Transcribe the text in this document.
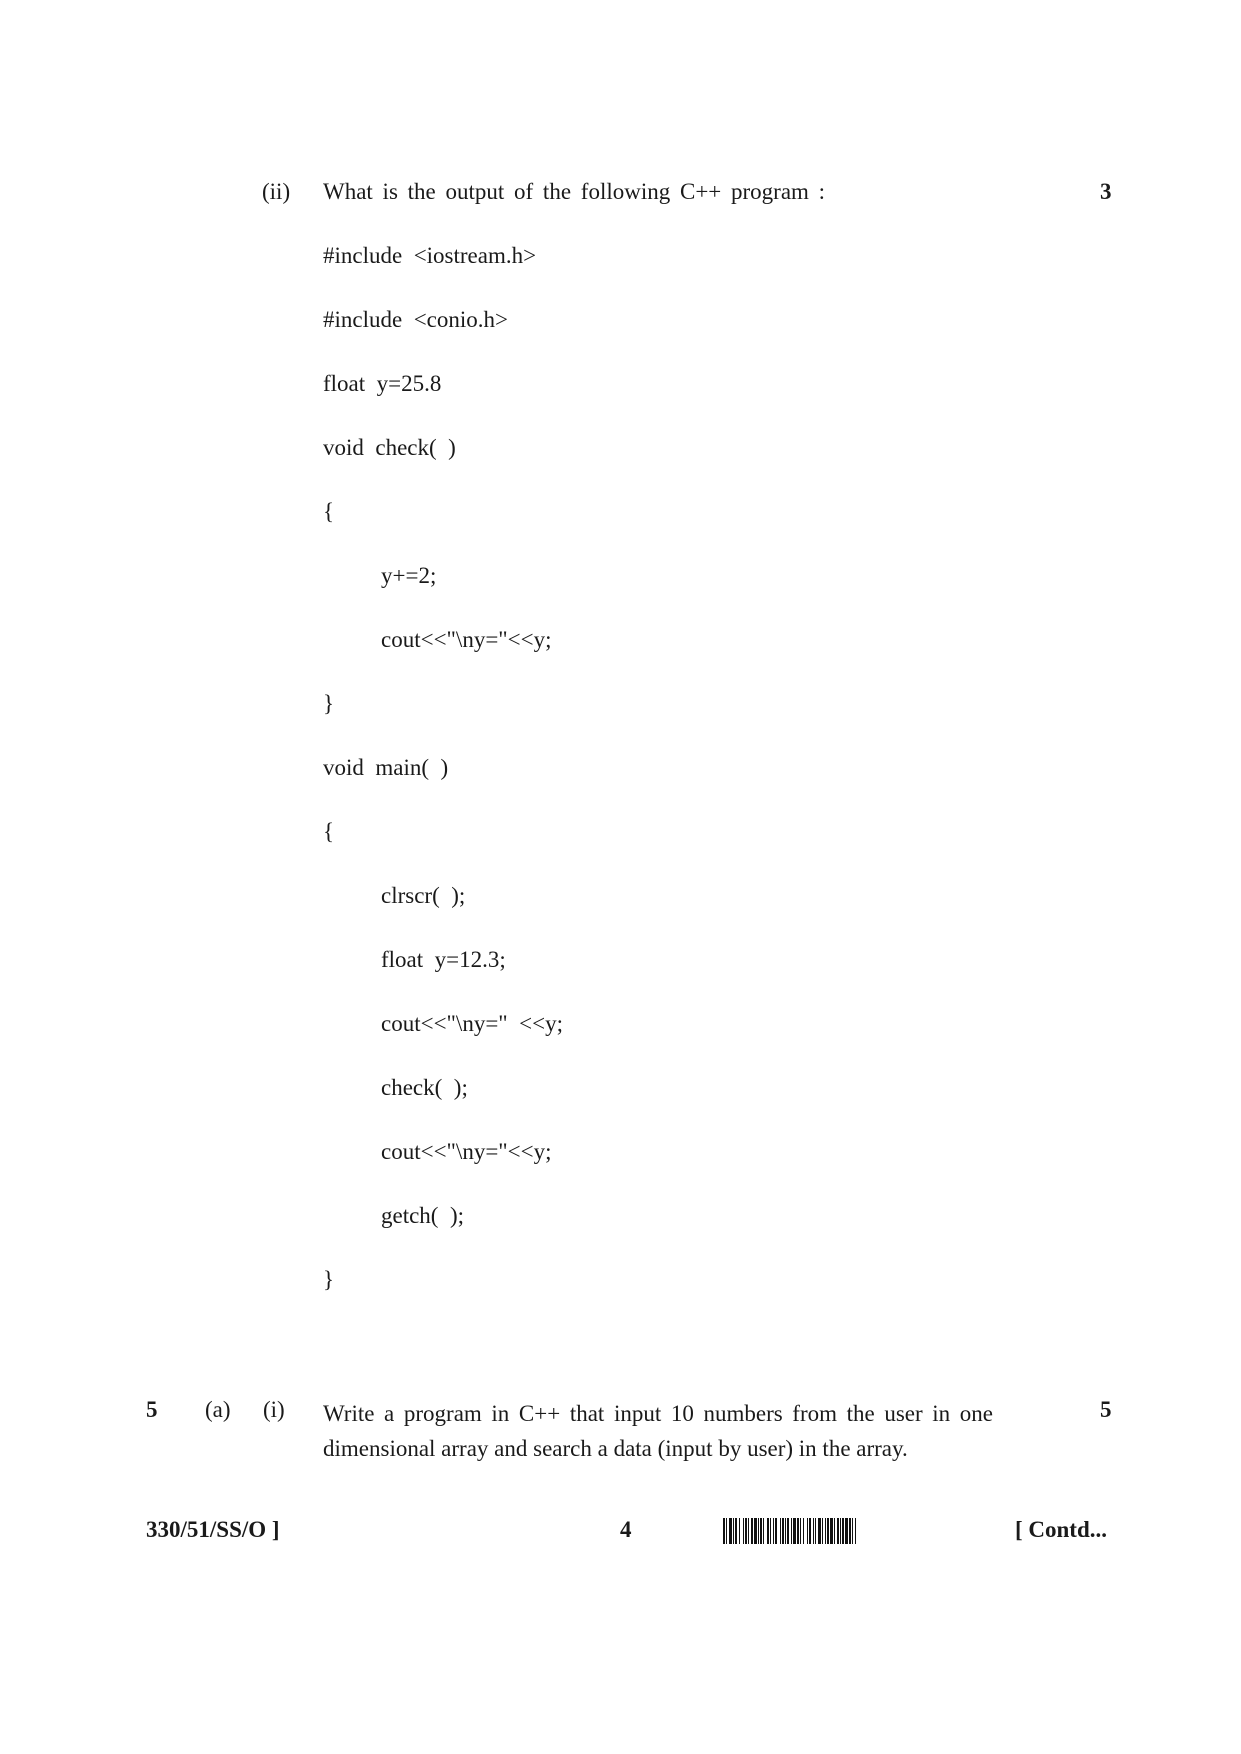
(ii) What is the output of the following C++ program :	3
#include  <iostream.h>
#include  <conio.h>
float  y=25.8
void  check(  )
{
y+=2;
cout<<"\ny="<<y;
}
void  main(  )
{
clrscr(  );
float  y=12.3;
cout<<"\ny="  <<y;
check(  );
cout<<"\ny="<<y;
getch(  );
}
5 (a) (i) Write a program in C++ that input 10 numbers from the user in one dimensional array and search a data (input by user) in the array.
5
330/51/SS/O ]	4	[ Contd...
